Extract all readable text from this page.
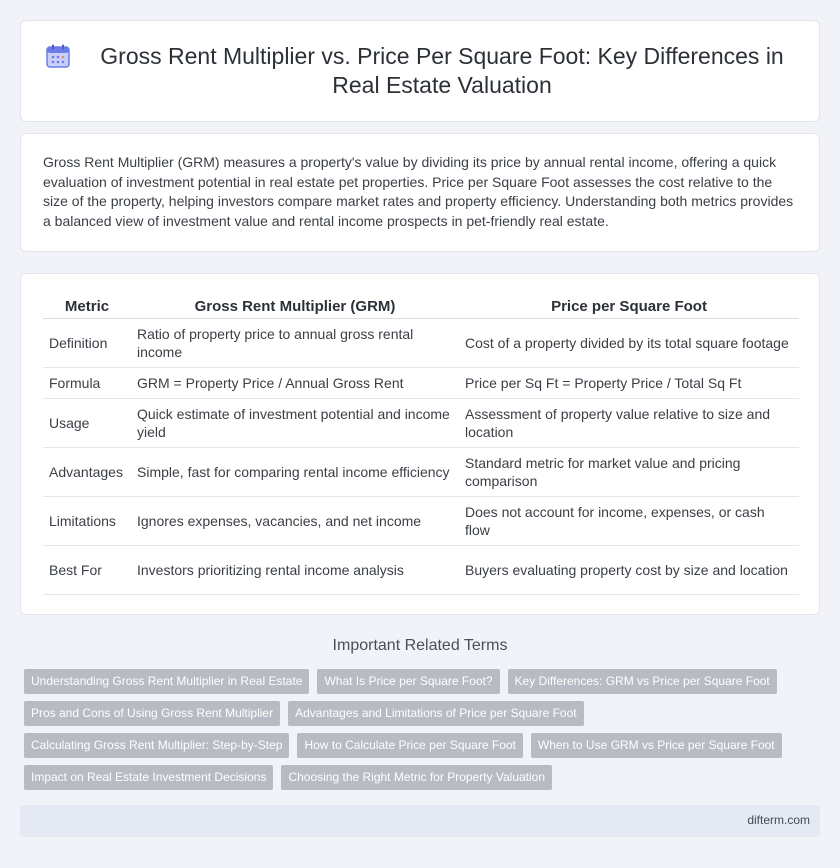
Gross Rent Multiplier vs. Price Per Square Foot: Key Differences in Real Estate Valuation

Gross Rent Multiplier (GRM) measures a property's value by dividing its price by annual rental income, offering a quick evaluation of investment potential in real estate pet properties. Price per Square Foot assesses the cost relative to the size of the property, helping investors compare market rates and property efficiency. Understanding both metrics provides a balanced view of investment value and rental income prospects in pet-friendly real estate.

Metric	Gross Rent Multiplier (GRM)	Price per Square Foot
Definition	Ratio of property price to annual gross rental income	Cost of a property divided by its total square footage
Formula	GRM = Property Price / Annual Gross Rent	Price per Sq Ft = Property Price / Total Sq Ft
Usage	Quick estimate of investment potential and income yield	Assessment of property value relative to size and location
Advantages	Simple, fast for comparing rental income efficiency	Standard metric for market value and pricing comparison
Limitations	Ignores expenses, vacancies, and net income	Does not account for income, expenses, or cash flow
Best For	Investors prioritizing rental income analysis	Buyers evaluating property cost by size and location
Important Related Terms
Understanding Gross Rent Multiplier in Real Estate	What Is Price per Square Foot?	Key Differences: GRM vs Price per Square Foot
Pros and Cons of Using Gross Rent Multiplier	Advantages and Limitations of Price per Square Foot
Calculating Gross Rent Multiplier: Step-by-Step	How to Calculate Price per Square Foot	When to Use GRM vs Price per Square Foot
Impact on Real Estate Investment Decisions	Choosing the Right Metric for Property Valuation
difterm.com
